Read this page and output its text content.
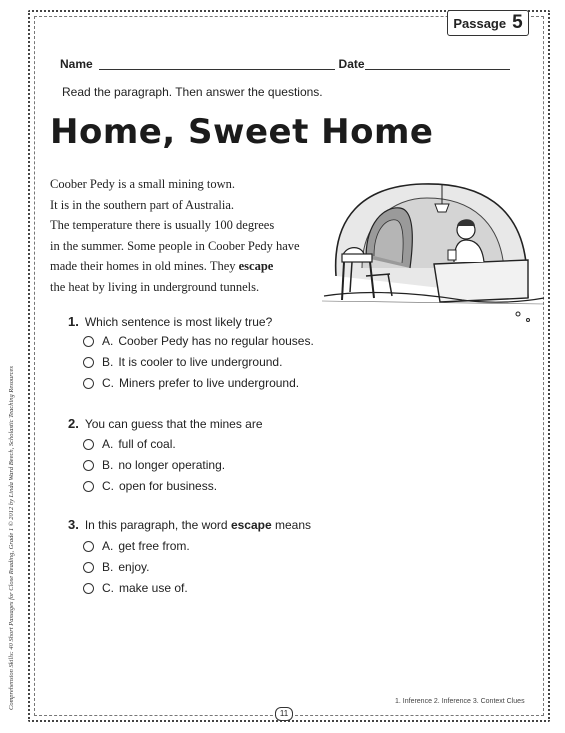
Passage 5
Name	Date
Read the paragraph. Then answer the questions.
Home, Sweet Home
Coober Pedy is a small mining town.
It is in the southern part of Australia.
The temperature there is usually 100 degrees
in the summer. Some people in Coober Pedy have
made their homes in old mines. They escape
the heat by living in underground tunnels.
1. Which sentence is most likely true?
A. Coober Pedy has no regular houses.
B. It is cooler to live underground.
C. Miners prefer to live underground.
2. You can guess that the mines are
A. full of coal.
B. no longer operating.
C. open for business.
3. In this paragraph, the word escape means
A. get free from.
B. enjoy.
C. make use of.
1. Inference 2. Inference 3. Context Clues
11
Comprehension Skills: 40 Short Passages for Close Reading, Grade 1 © 2012 by Linda Ward Beech, Scholastic Teaching Resources
